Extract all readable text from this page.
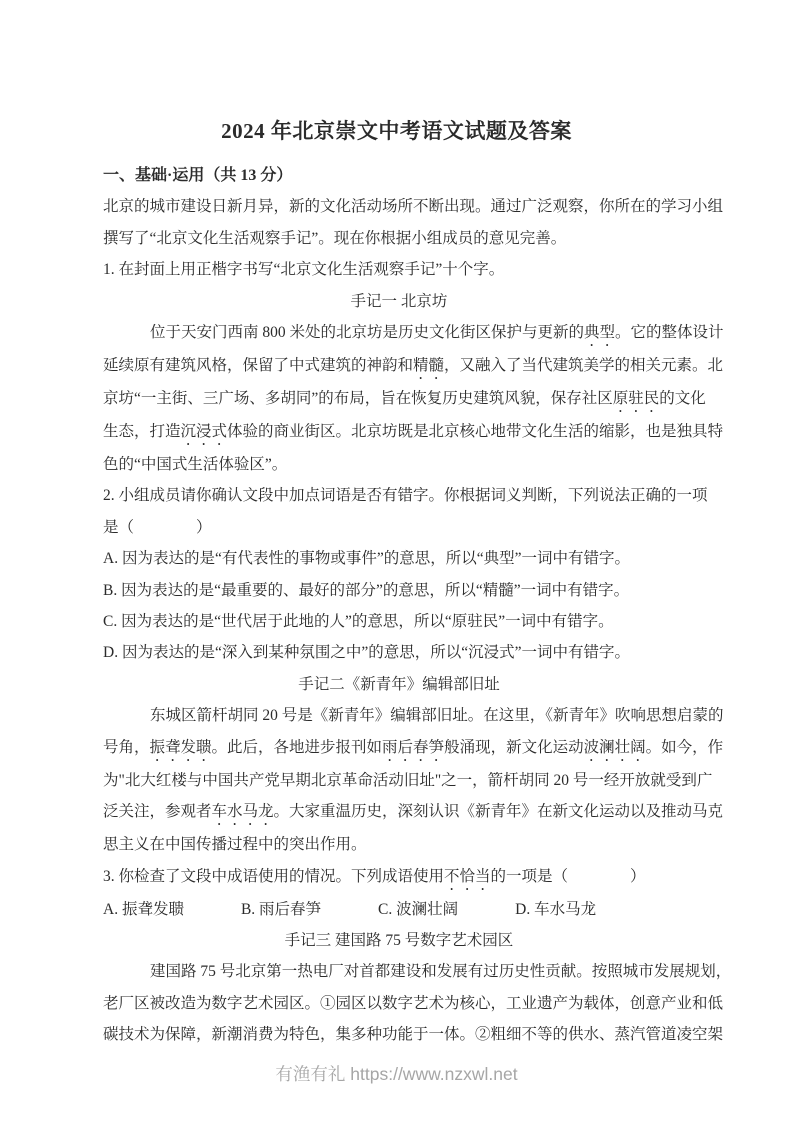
2024 年北京崇文中考语文试题及答案

一、基础·运用（共 13 分）

北京的城市建设日新月异，新的文化活动场所不断出现。通过广泛观察，你所在的学习小组

撰写了“北京文化生活观察手记”。现在你根据小组成员的意见完善。

1. 在封面上用正楷字书写“北京文化生活观察手记”十个字。

手记一 北京坊

位于天安门西南 800 米处的北京坊是历史文化街区保护与更新的典型。它的整体设计

延续原有建筑风格，保留了中式建筑的神韵和精髓，又融入了当代建筑美学的相关元素。北

京坊“一主街、三广场、多胡同”的布局，旨在恢复历史建筑风貌，保存社区原驻民的文化

生态，打造沉浸式体验的商业街区。北京坊既是北京核心地带文化生活的缩影，也是独具特

色的“中国式生活体验区”。

2. 小组成员请你确认文段中加点词语是否有错字。你根据词义判断，下列说法正确的一项

是（　　　　）

A. 因为表达的是“有代表性的事物或事件”的意思，所以“典型”一词中有错字。

B. 因为表达的是“最重要的、最好的部分”的意思，所以“精髓”一词中有错字。

C. 因为表达的是“世代居于此地的人”的意思，所以“原驻民”一词中有错字。

D. 因为表达的是“深入到某种氛围之中”的意思，所以“沉浸式”一词中有错字。

手记二《新青年》编辑部旧址

东城区箭杆胡同 20 号是《新青年》编辑部旧址。在这里，《新青年》吹响思想启蒙的

号角，振聋发聩。此后，各地进步报刊如雨后春笋般涌现，新文化运动波澜壮阔。如今，作

为"北大红楼与中国共产党早期北京革命活动旧址"之一，箭杆胡同 20 号一经开放就受到广

泛关注，参观者车水马龙。大家重温历史，深刻认识《新青年》在新文化运动以及推动马克

思主义在中国传播过程中的突出作用。

3. 你检查了文段中成语使用的情况。下列成语使用不恰当的一项是（　　　　）

A. 振聋发聩	B. 雨后春笋	C. 波澜壮阔	D. 车水马龙

手记三 建国路 75 号数字艺术园区

建国路 75 号北京第一热电厂对首都建设和发展有过历史性贡献。按照城市发展规划，

老厂区被改造为数字艺术园区。①园区以数字艺术为核心，工业遗产为载体，创意产业和低

碳技术为保障，新潮消费为特色，集多种功能于一体。②粗细不等的供水、蒸汽管道凌空架

有渔有礼 https://www.nzxwl.net
